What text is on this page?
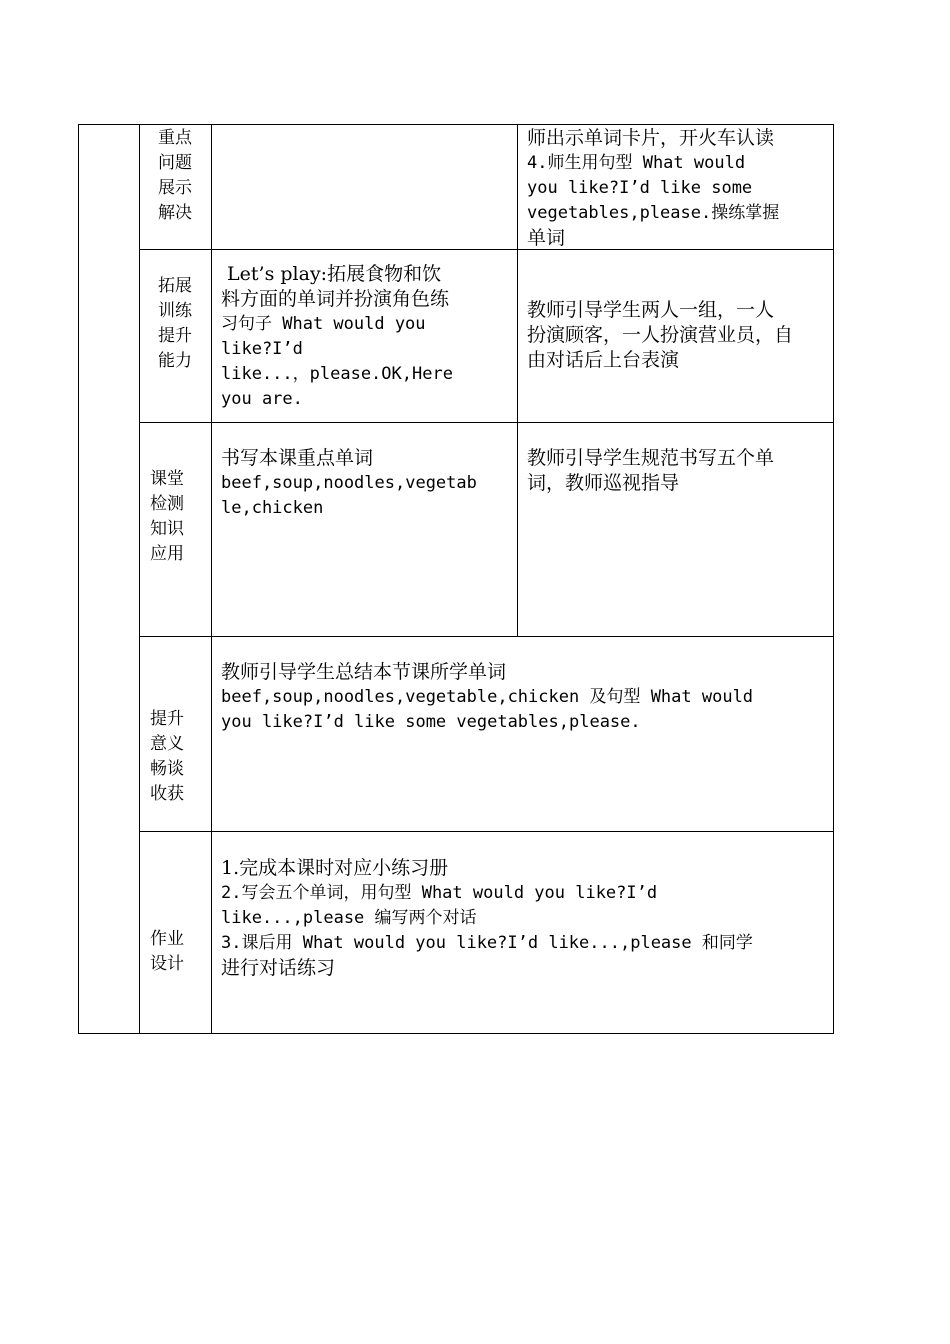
重点
问题
展示
解决
师出示单词卡片，开火车认读
4.师生用句型 What would
you like?I’d like some
vegetables,please.操练掌握
单词
拓展
训练
提升
能力
Let’s play:拓展食物和饮
料方面的单词并扮演角色练
习句子 What would you
like?I’d
like...，please.OK,Here
you are.
教师引导学生两人一组，一人
扮演顾客，一人扮演营业员，自
由对话后上台表演
课堂
检测
知识
应用
书写本课重点单词
beef,soup,noodles,vegetab
le,chicken
教师引导学生规范书写五个单
词，教师巡视指导
提升
意义
畅谈
收获
教师引导学生总结本节课所学单词
beef,soup,noodles,vegetable,chicken 及句型 What would
you like?I’d like some vegetables,please.
作业
设计
1.完成本课时对应小练习册
2.写会五个单词，用句型 What would you like?I’d
like...,please 编写两个对话
3.课后用 What would you like?I’d like...,please 和同学
进行对话练习
